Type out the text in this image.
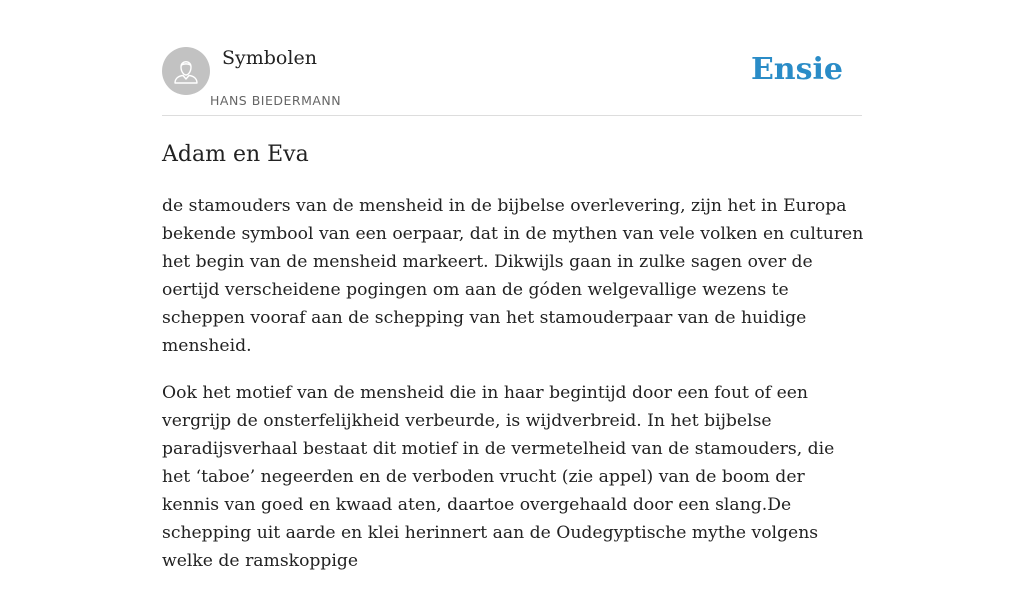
Symbolen
HANS BIEDERMANN
Ensie
Adam en Eva

de stamouders van de mensheid in de bijbelse overlevering, zijn het in Europa bekende symbool van een oerpaar, dat in de mythen van vele volken en culturen het begin van de mensheid markeert. Dikwijls gaan in zulke sagen over de oertijd verscheidene pogingen om aan de góden welgevallige wezens te scheppen vooraf aan de schepping van het stamouderpaar van de huidige mensheid.

Ook het motief van de mensheid die in haar begintijd door een fout of een vergrijp de onsterfelijkheid verbeurde, is wijdverbreid. In het bijbelse paradijsverhaal bestaat dit motief in de vermetelheid van de stamouders, die het ‘taboe’ negeerden en de verboden vrucht (zie appel) van de boom der kennis van goed en kwaad aten, daartoe overgehaald door een slang.De schepping uit aarde en klei herinnert aan de Oudegyptische mythe volgens welke de ramskoppige
